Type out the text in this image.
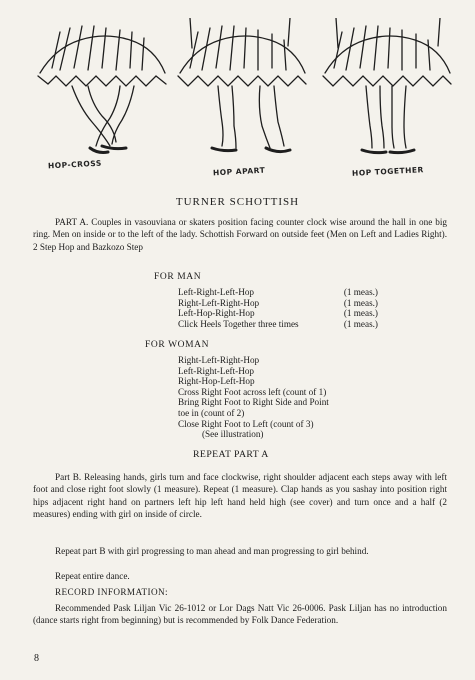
HOP-CROSS
HOP APART	HOP TOGETHER
TURNER SCHOTTISH
PART A. Couples in vasouviana or skaters position facing counter clock wise around the hall in one big ring. Men on inside or to the left of the lady. Schottish Forward on outside feet (Men on Left and Ladies Right). 2 Step Hop and Bazkozo Step
FOR MAN
Left-Right-Left-Hop	(1 meas.)
Right-Left-Right-Hop	(1 meas.)
Left-Hop-Right-Hop	(1 meas.)
Click Heels Together three times	(1 meas.)
FOR WOMAN
Right-Left-Right-Hop
Left-Right-Left-Hop
Right-Hop-Left-Hop
Cross Right Foot across left (count of 1)
Bring Right Foot to Right Side and Point
toe in (count of 2)
Close Right Foot to Left (count of 3)
(See illustration)
REPEAT PART A
Part B. Releasing hands, girls turn and face clockwise, right shoulder adjacent each steps away with left foot and close right foot slowly (1 measure). Repeat (1 measure). Clap hands as you sashay into position right hips adjacent right hand on partners left hip left hand held high (see cover) and turn once and a half (2 measures) ending with girl on inside of circle.
Repeat part B with girl progressing to man ahead and man progressing to girl behind.
Repeat entire dance.
RECORD INFORMATION:
Recommended Pask Liljan Vic 26-1012 or Lor Dags Natt Vic 26-0006. Pask Liljan has no introduction (dance starts right from beginning) but is recommended by Folk Dance Federation.
8
